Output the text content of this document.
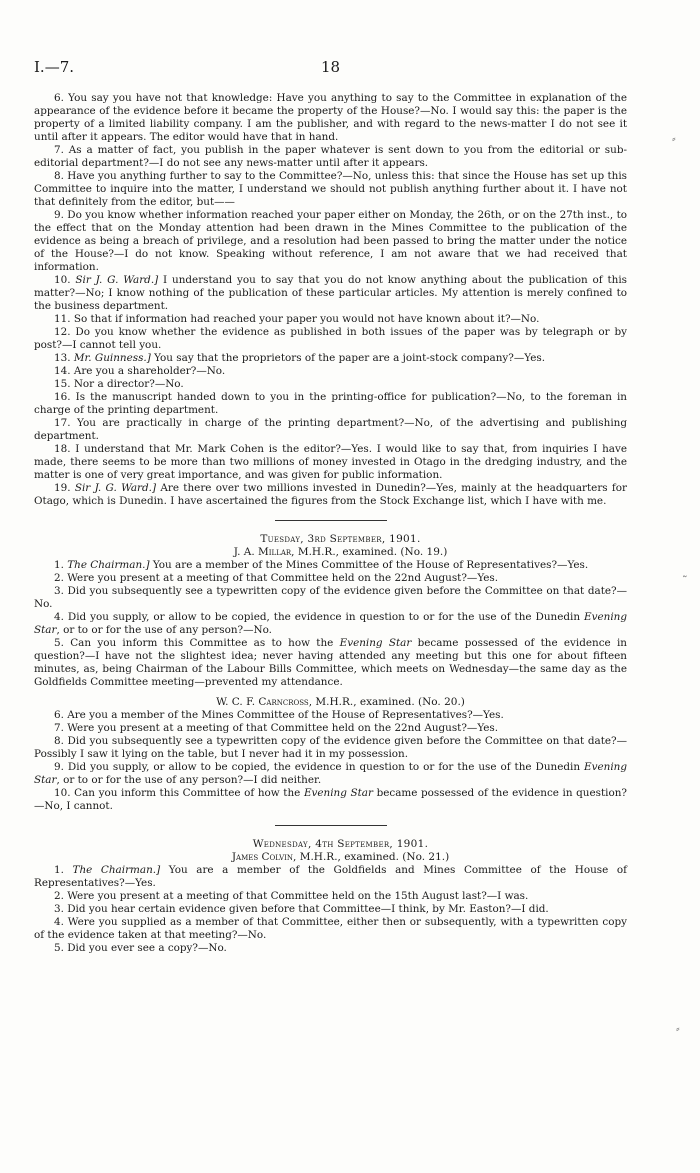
I.—7.	18

6. You say you have not that knowledge: Have you anything to say to the Committee in explanation of the appearance of the evidence before it became the property of the House?—No. I would say this: the paper is the property of a limited liability company. I am the publisher, and with regard to the news-matter I do not see it until after it appears. The editor would have that in hand.

7. As a matter of fact, you publish in the paper whatever is sent down to you from the editorial or sub-editorial department?—I do not see any news-matter until after it appears.

8. Have you anything further to say to the Committee?—No, unless this: that since the House has set up this Committee to inquire into the matter, I understand we should not publish anything further about it. I have not that definitely from the editor, but——

9. Do you know whether information reached your paper either on Monday, the 26th, or on the 27th inst., to the effect that on the Monday attention had been drawn in the Mines Committee to the publication of the evidence as being a breach of privilege, and a resolution had been passed to bring the matter under the notice of the House?—I do not know. Speaking without reference, I am not aware that we had received that information.

10. Sir J. G. Ward.] I understand you to say that you do not know anything about the publication of this matter?—No; I know nothing of the publication of these particular articles. My attention is merely confined to the business department.

11. So that if information had reached your paper you would not have known about it?—No.

12. Do you know whether the evidence as published in both issues of the paper was by telegraph or by post?—I cannot tell you.

13. Mr. Guinness.] You say that the proprietors of the paper are a joint-stock company?—Yes.

14. Are you a shareholder?—No.

15. Nor a director?—No.

16. Is the manuscript handed down to you in the printing-office for publication?—No, to the foreman in charge of the printing department.

17. You are practically in charge of the printing department?—No, of the advertising and publishing department.

18. I understand that Mr. Mark Cohen is the editor?—Yes. I would like to say that, from inquiries I have made, there seems to be more than two millions of money invested in Otago in the dredging industry, and the matter is one of very great importance, and was given for public information.

19. Sir J. G. Ward.] Are there over two millions invested in Dunedin?—Yes, mainly at the headquarters for Otago, which is Dunedin. I have ascertained the figures from the Stock Exchange list, which I have with me.

Tuesday, 3rd September, 1901.

J. A. Millar, M.H.R., examined. (No. 19.)

1. The Chairman.] You are a member of the Mines Committee of the House of Representatives?—Yes.

2. Were you present at a meeting of that Committee held on the 22nd August?—Yes.

3. Did you subsequently see a typewritten copy of the evidence given before the Committee on that date?—No.

4. Did you supply, or allow to be copied, the evidence in question to or for the use of the Dunedin Evening Star, or to or for the use of any person?—No.

5. Can you inform this Committee as to how the Evening Star became possessed of the evidence in question?—I have not the slightest idea; never having attended any meeting but this one for about fifteen minutes, as, being Chairman of the Labour Bills Committee, which meets on Wednesday—the same day as the Goldfields Committee meeting—prevented my attendance.

W. C. F. Carncross, M.H.R., examined. (No. 20.)

6. Are you a member of the Mines Committee of the House of Representatives?—Yes.

7. Were you present at a meeting of that Committee held on the 22nd August?—Yes.

8. Did you subsequently see a typewritten copy of the evidence given before the Committee on that date?—Possibly I saw it lying on the table, but I never had it in my possession.

9. Did you supply, or allow to be copied, the evidence in question to or for the use of the Dunedin Evening Star, or to or for the use of any person?—I did neither.

10. Can you inform this Committee of how the Evening Star became possessed of the evidence in question?—No, I cannot.

Wednesday, 4th September, 1901.

James Colvin, M.H.R., examined. (No. 21.)

1. The Chairman.] You are a member of the Goldfields and Mines Committee of the House of Representatives?—Yes.

2. Were you present at a meeting of that Committee held on the 15th August last?—I was.

3. Did you hear certain evidence given before that Committee—I think, by Mr. Easton?—I did.

4. Were you supplied as a member of that Committee, either then or subsequently, with a typewritten copy of the evidence taken at that meeting?—No.

5. Did you ever see a copy?—No.

⸗
˷
⸗
